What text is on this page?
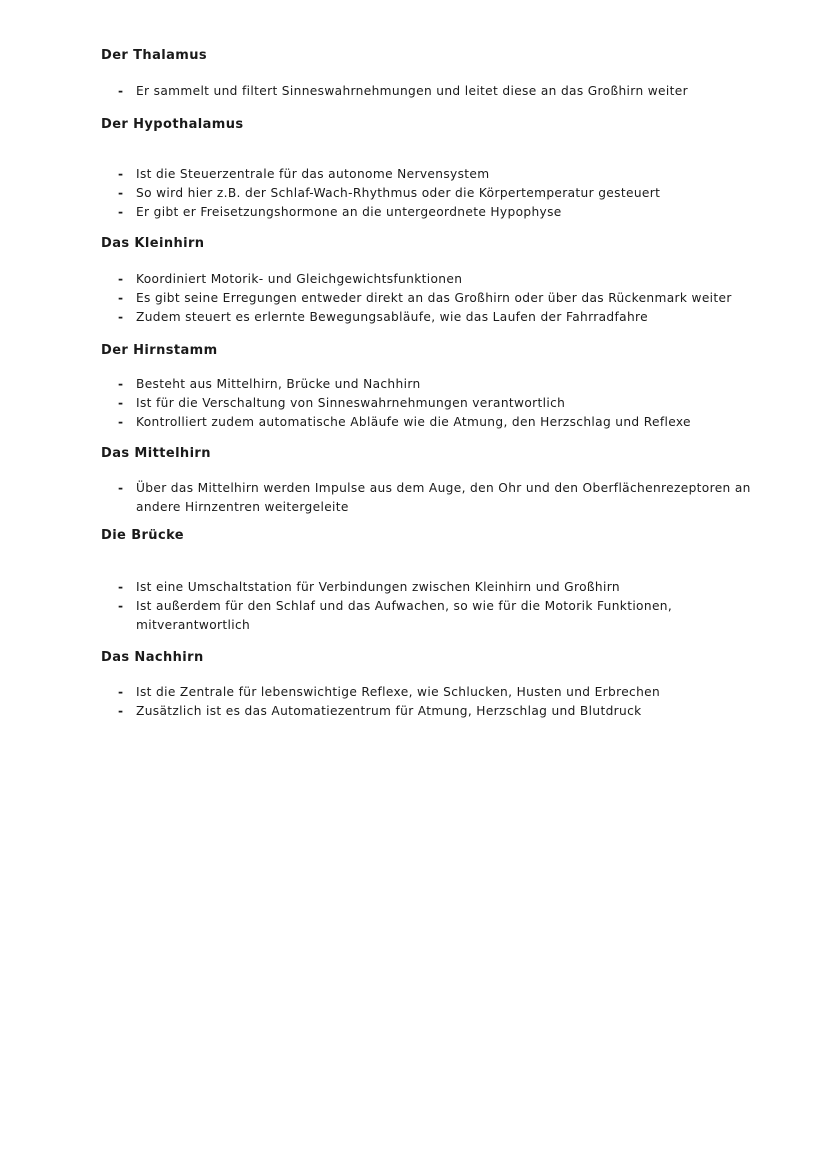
Der Thalamus
- Er sammelt und filtert Sinneswahrnehmungen und leitet diese an das Großhirn weiter
Der Hypothalamus
- Ist die Steuerzentrale für das autonome Nervensystem
- So wird hier z.B. der Schlaf-Wach-Rhythmus oder die Körpertemperatur gesteuert
- Er gibt er Freisetzungshormone an die untergeordnete Hypophyse
Das Kleinhirn
- Koordiniert Motorik- und Gleichgewichtsfunktionen
- Es gibt seine Erregungen entweder direkt an das Großhirn oder über das Rückenmark weiter
- Zudem steuert es erlernte Bewegungsabläufe, wie das Laufen der Fahrradfahre
Der Hirnstamm
- Besteht aus Mittelhirn, Brücke und Nachhirn
- Ist für die Verschaltung von Sinneswahrnehmungen verantwortlich
- Kontrolliert zudem automatische Abläufe wie die Atmung, den Herzschlag und Reflexe
Das Mittelhirn
- Über das Mittelhirn werden Impulse aus dem Auge, den Ohr und den Oberflächenrezeptoren an andere Hirnzentren weitergeleite
Die Brücke
- Ist eine Umschaltstation für Verbindungen zwischen Kleinhirn und Großhirn
- Ist außerdem für den Schlaf und das Aufwachen, so wie für die Motorik Funktionen, mitverantwortlich
Das Nachhirn
- Ist die Zentrale für lebenswichtige Reflexe, wie Schlucken, Husten und Erbrechen
- Zusätzlich ist es das Automatiezentrum für Atmung, Herzschlag und Blutdruck
